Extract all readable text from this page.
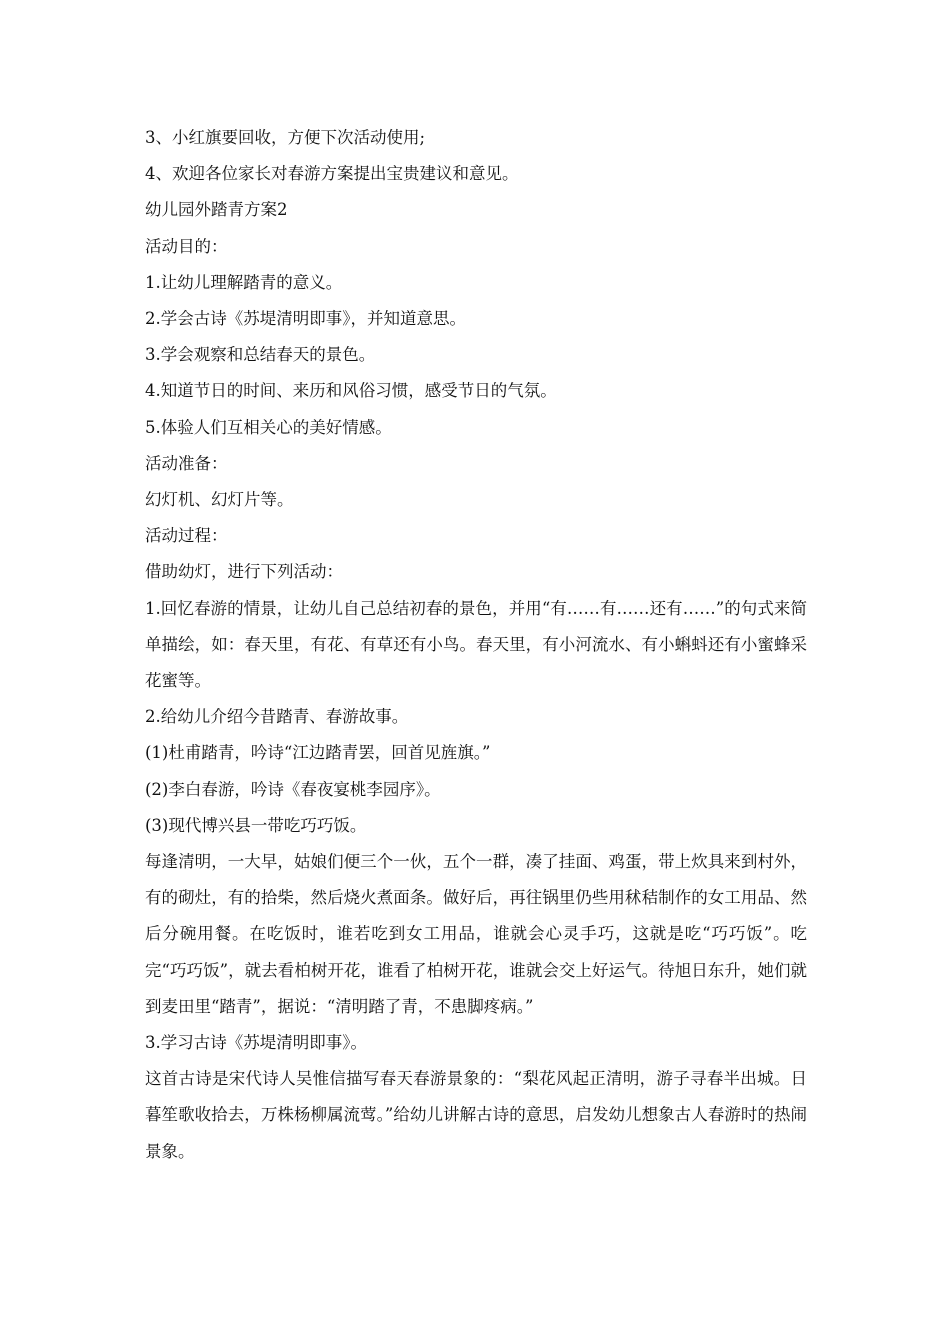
3、小红旗要回收，方便下次活动使用;

4、欢迎各位家长对春游方案提出宝贵建议和意见。

幼儿园外踏青方案2

活动目的：

1.让幼儿理解踏青的意义。

2.学会古诗《苏堤清明即事》，并知道意思。

3.学会观察和总结春天的景色。

4.知道节日的时间、来历和风俗习惯，感受节日的气氛。

5.体验人们互相关心的美好情感。

活动准备：

幻灯机、幻灯片等。

活动过程：

借助幼灯，进行下列活动：

1.回忆春游的情景，让幼儿自己总结初春的景色，并用“有……有……还有……”的句式来简单描绘，如：春天里，有花、有草还有小鸟。春天里，有小河流水、有小蝌蚪还有小蜜蜂采花蜜等。

2.给幼儿介绍今昔踏青、春游故事。

(1)杜甫踏青，吟诗“江边踏青罢，回首见旌旗。”

(2)李白春游，吟诗《春夜宴桃李园序》。

(3)现代博兴县一带吃巧巧饭。

每逢清明，一大早，姑娘们便三个一伙，五个一群，凑了挂面、鸡蛋，带上炊具来到村外，有的砌灶，有的拾柴，然后烧火煮面条。做好后，再往锅里仍些用秫秸制作的女工用品、然后分碗用餐。在吃饭时，谁若吃到女工用品，谁就会心灵手巧，这就是吃“巧巧饭”。吃完“巧巧饭”，就去看柏树开花，谁看了柏树开花，谁就会交上好运气。待旭日东升，她们就到麦田里“踏青”，据说：“清明踏了青，不患脚疼病。”

3.学习古诗《苏堤清明即事》。

这首古诗是宋代诗人吴惟信描写春天春游景象的：“梨花风起正清明，游子寻春半出城。日暮笙歌收拾去，万株杨柳属流莺。”给幼儿讲解古诗的意思，启发幼儿想象古人春游时的热闹景象。
